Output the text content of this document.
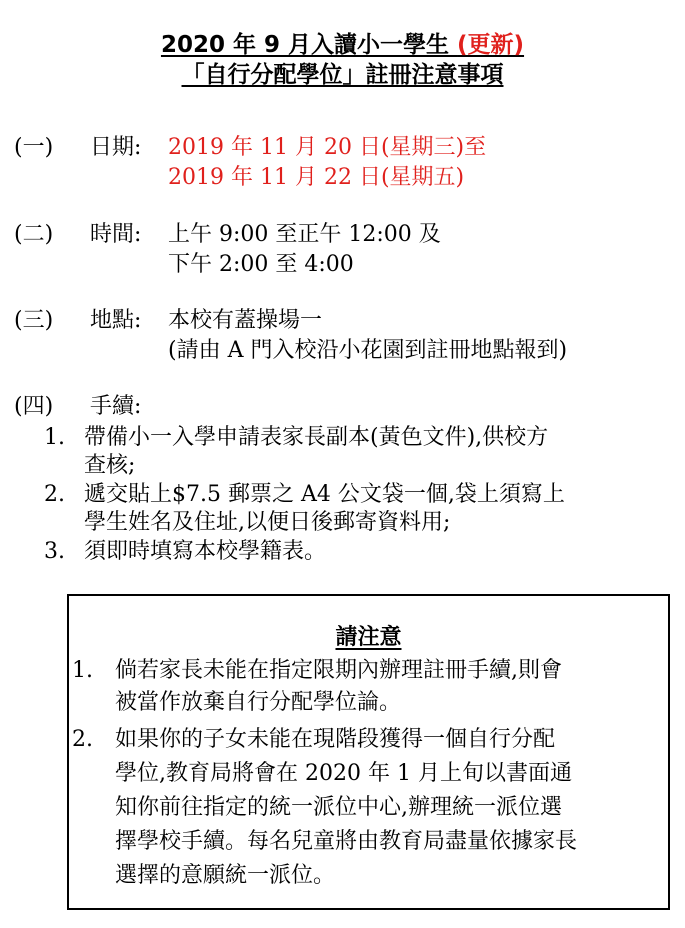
2020 年 9 月入讀小一學生 (更新)
「自行分配學位」註冊注意事項
(一) 日期: 2019 年 11 月 20 日(星期三)至
2019 年 11 月 22 日(星期五)
(二) 時間: 上午 9:00 至正午 12:00 及
下午 2:00 至 4:00
(三) 地點: 本校有蓋操場一
(請由 A 門入校沿小花園到註冊地點報到)
(四) 手續:
1. 帶備小一入學申請表家長副本(黃色文件),供校方
查核;
2. 遞交貼上$7.5 郵票之 A4 公文袋一個,袋上須寫上
學生姓名及住址,以便日後郵寄資料用;
3. 須即時填寫本校學籍表。
請注意
1. 倘若家長未能在指定限期內辦理註冊手續,則會
被當作放棄自行分配學位論。
2. 如果你的子女未能在現階段獲得一個自行分配
學位,教育局將會在 2020 年 1 月上旬以書面通
知你前往指定的統一派位中心,辦理統一派位選
擇學校手續。每名兒童將由教育局盡量依據家長
選擇的意願統一派位。
